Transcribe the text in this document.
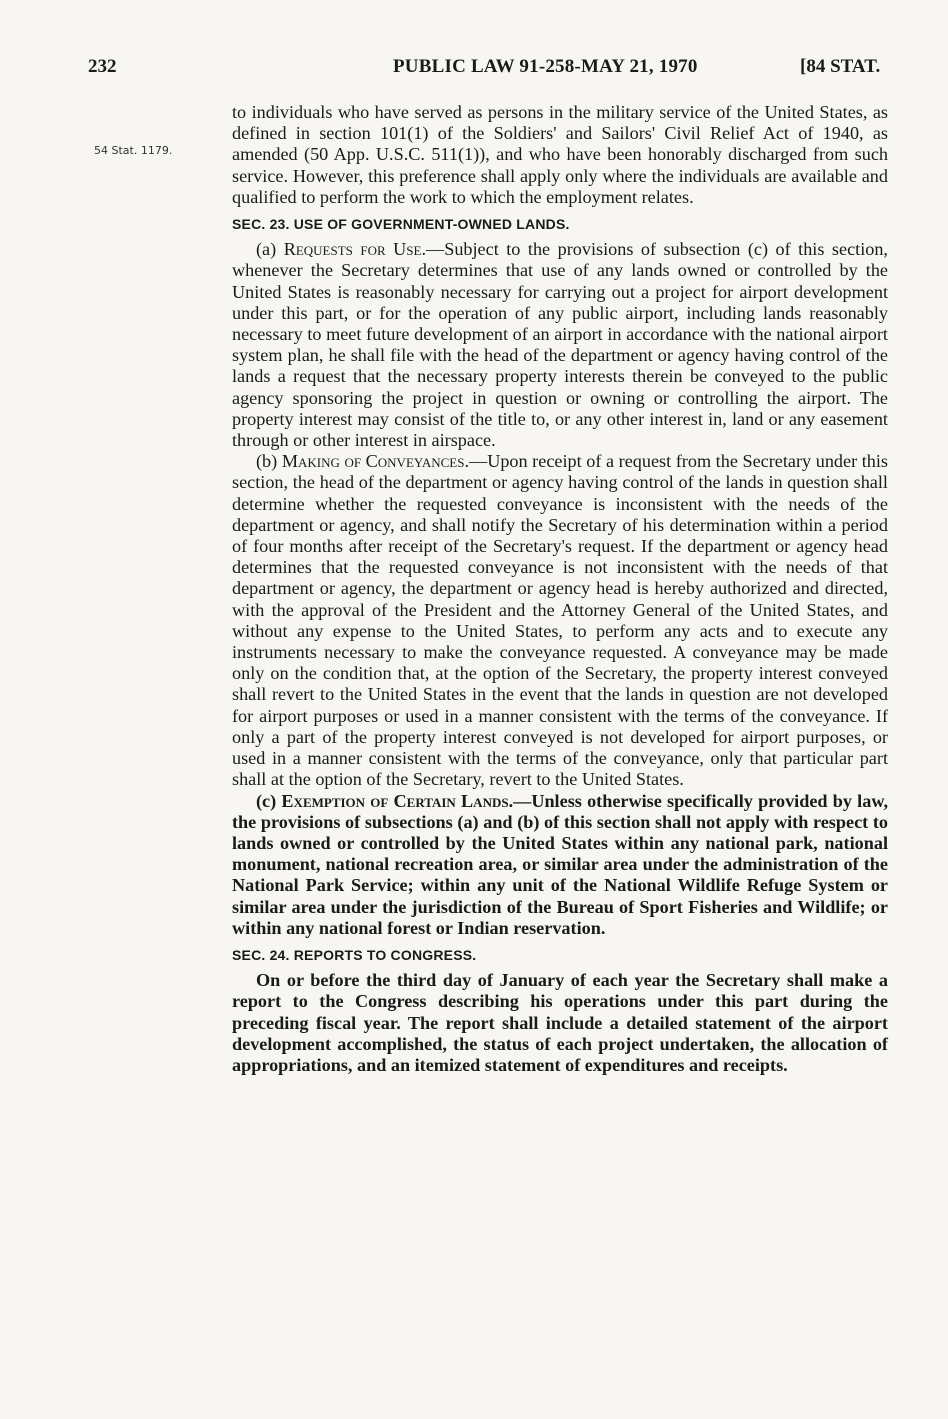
232	PUBLIC LAW 91-258-MAY 21, 1970	[84 STAT.
54 Stat. 1179.

to individuals who have served as persons in the military service of the United States, as defined in section 101(1) of the Soldiers' and Sailors' Civil Relief Act of 1940, as amended (50 App. U.S.C. 511(1)), and who have been honorably discharged from such service. However, this preference shall apply only where the individuals are available and qualified to perform the work to which the employment relates.

SEC. 23. USE OF GOVERNMENT-OWNED LANDS.

(a) Requests for Use.—Subject to the provisions of subsection (c) of this section, whenever the Secretary determines that use of any lands owned or controlled by the United States is reasonably necessary for carrying out a project for airport development under this part, or for the operation of any public airport, including lands reasonably necessary to meet future development of an airport in accordance with the national airport system plan, he shall file with the head of the department or agency having control of the lands a request that the necessary property interests therein be conveyed to the public agency sponsoring the project in question or owning or controlling the airport. The property interest may consist of the title to, or any other interest in, land or any easement through or other interest in airspace.

(b) Making of Conveyances.—Upon receipt of a request from the Secretary under this section, the head of the department or agency having control of the lands in question shall determine whether the requested conveyance is inconsistent with the needs of the department or agency, and shall notify the Secretary of his determination within a period of four months after receipt of the Secretary's request. If the department or agency head determines that the requested conveyance is not inconsistent with the needs of that department or agency, the department or agency head is hereby authorized and directed, with the approval of the President and the Attorney General of the United States, and without any expense to the United States, to perform any acts and to execute any instruments necessary to make the conveyance requested. A conveyance may be made only on the condition that, at the option of the Secretary, the property interest conveyed shall revert to the United States in the event that the lands in question are not developed for airport purposes or used in a manner consistent with the terms of the conveyance. If only a part of the property interest conveyed is not developed for airport purposes, or used in a manner consistent with the terms of the conveyance, only that particular part shall at the option of the Secretary, revert to the United States.

(c) Exemption of Certain Lands.—Unless otherwise specifically provided by law, the provisions of subsections (a) and (b) of this section shall not apply with respect to lands owned or controlled by the United States within any national park, national monument, national recreation area, or similar area under the administration of the National Park Service; within any unit of the National Wildlife Refuge System or similar area under the jurisdiction of the Bureau of Sport Fisheries and Wildlife; or within any national forest or Indian reservation.

SEC. 24. REPORTS TO CONGRESS.

On or before the third day of January of each year the Secretary shall make a report to the Congress describing his operations under this part during the preceding fiscal year. The report shall include a detailed statement of the airport development accomplished, the status of each project undertaken, the allocation of appropriations, and an itemized statement of expenditures and receipts.
